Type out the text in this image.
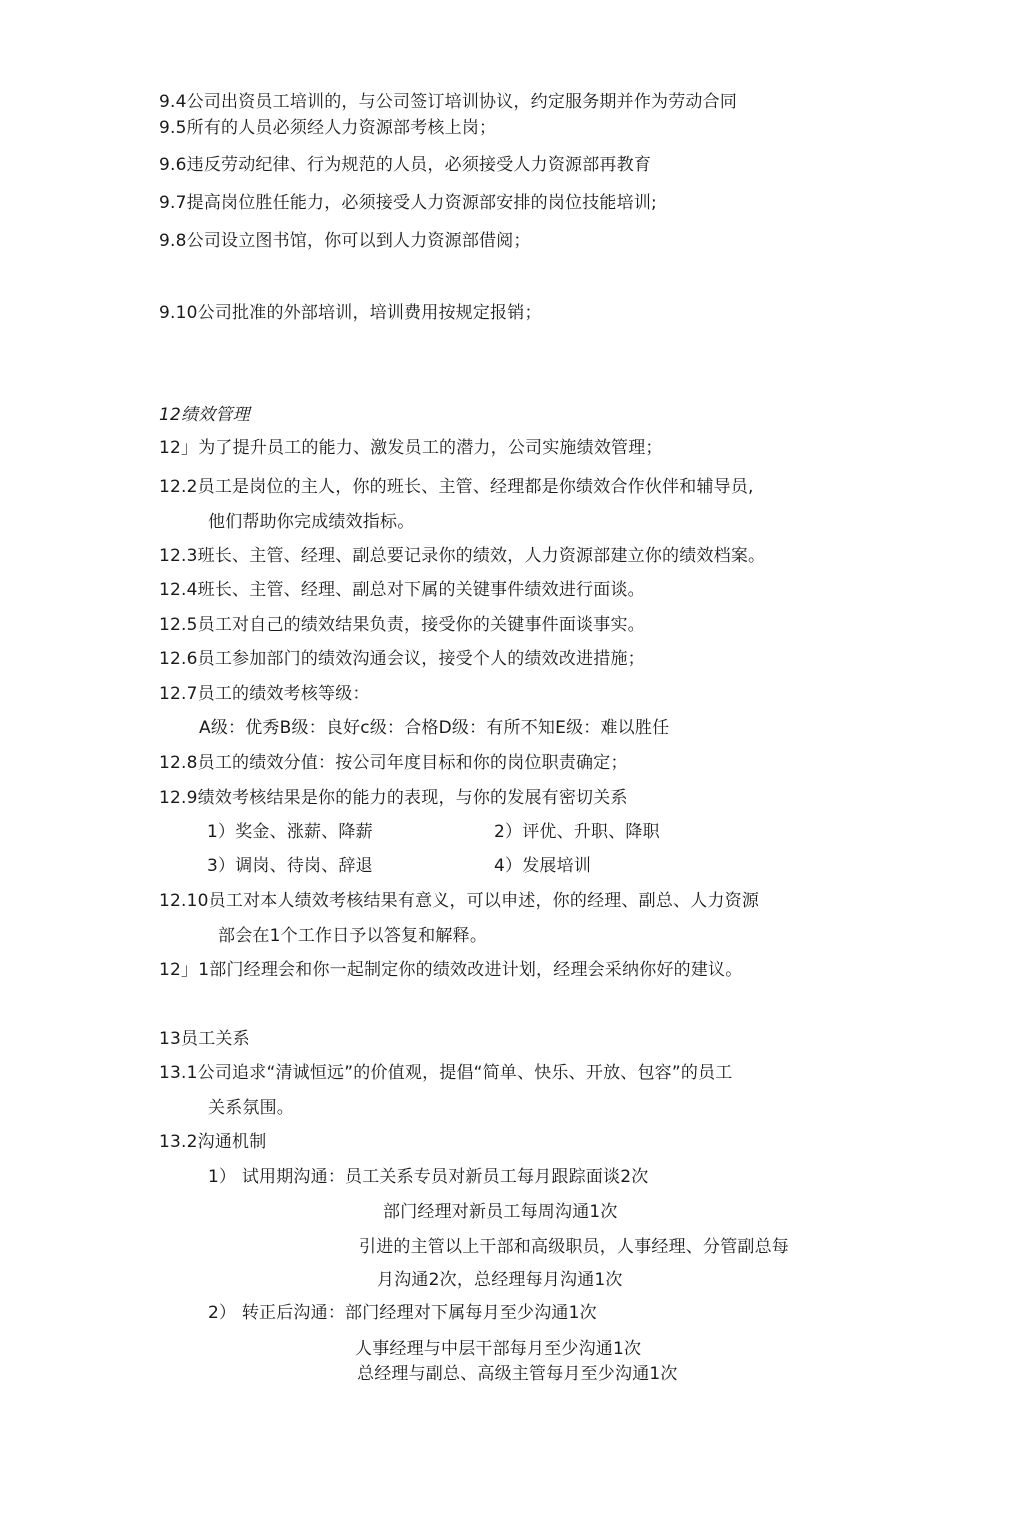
9.4公司出资员工培训的，与公司签订培训协议，约定服务期并作为劳动合同
9.5所有的人员必须经人力资源部考核上岗；
9.6违反劳动纪律、行为规范的人员，必须接受人力资源部再教育
9.7提高岗位胜任能力，必须接受人力资源部安排的岗位技能培训;
9.8公司设立图书馆，你可以到人力资源部借阅；
9.10公司批准的外部培训，培训费用按规定报销；
12绩效管理
12」为了提升员工的能力、激发员工的潜力，公司实施绩效管理；
12.2员工是岗位的主人，你的班长、主管、经理都是你绩效合作伙伴和辅导员,
他们帮助你完成绩效指标。
12.3班长、主管、经理、副总要记录你的绩效，人力资源部建立你的绩效档案。
12.4班长、主管、经理、副总对下属的关键事件绩效进行面谈。
12.5员工对自己的绩效结果负责，接受你的关键事件面谈事实。
12.6员工参加部门的绩效沟通会议，接受个人的绩效改进措施；
12.7员工的绩效考核等级：
A级：优秀B级：良好c级：合格D级：有所不知E级：难以胜任
12.8员工的绩效分值：按公司年度目标和你的岗位职责确定；
12.9绩效考核结果是你的能力的表现，与你的发展有密切关系
1）奖金、涨薪、降薪	2）评优、升职、降职
3）调岗、待岗、辞退	4）发展培训
12.10员工对本人绩效考核结果有意义，可以申述，你的经理、副总、人力资源
部会在1个工作日予以答复和解释。
12」1部门经理会和你一起制定你的绩效改进计划，经理会采纳你好的建议。
13员工关系
13.1公司追求“清诚恒远”的价值观，提倡“简单、快乐、开放、包容”的员工
关系氛围。
13.2沟通机制
1） 试用期沟通：员工关系专员对新员工每月跟踪面谈2次
部门经理对新员工每周沟通1次
引进的主管以上干部和高级职员，人事经理、分管副总每
月沟通2次，总经理每月沟通1次
2） 转正后沟通：部门经理对下属每月至少沟通1次
人事经理与中层干部每月至少沟通1次
总经理与副总、高级主管每月至少沟通1次
